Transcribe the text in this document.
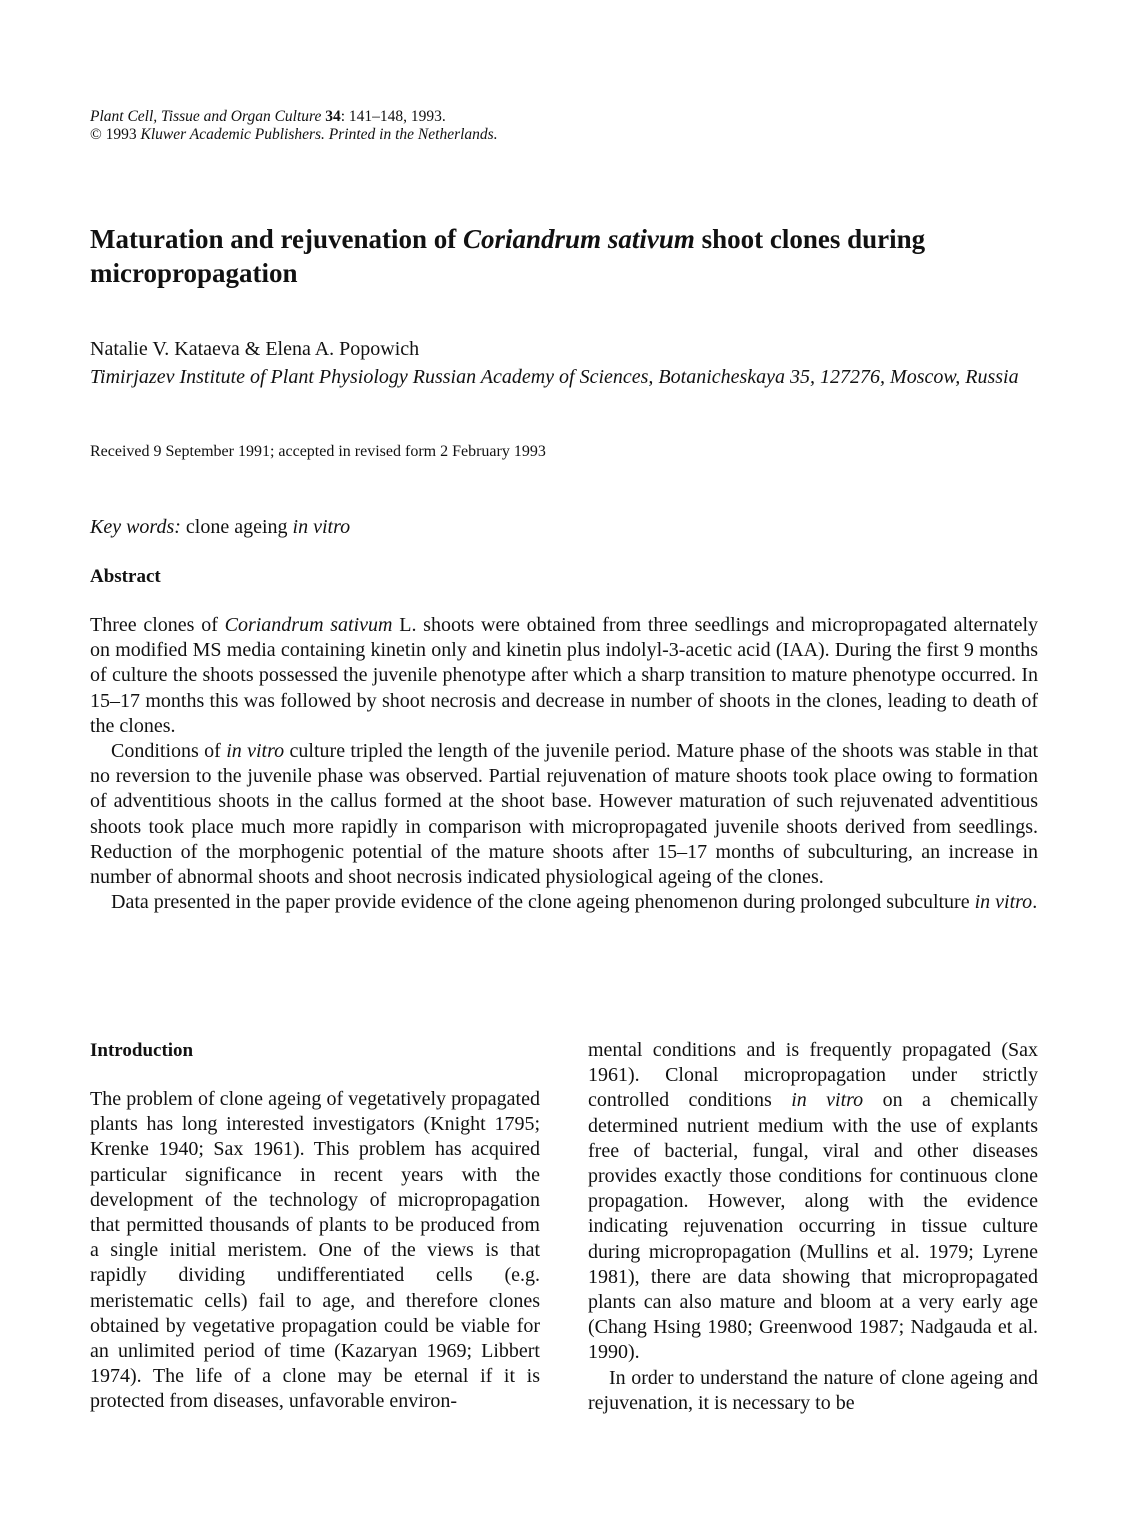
Plant Cell, Tissue and Organ Culture 34: 141–148, 1993.
© 1993 Kluwer Academic Publishers. Printed in the Netherlands.
Maturation and rejuvenation of Coriandrum sativum shoot clones during micropropagation
Natalie V. Kataeva & Elena A. Popowich
Timirjazev Institute of Plant Physiology Russian Academy of Sciences, Botanicheskaya 35, 127276, Moscow, Russia
Received 9 September 1991; accepted in revised form 2 February 1993
Key words: clone ageing in vitro
Abstract

Three clones of Coriandrum sativum L. shoots were obtained from three seedlings and micropropagated alternately on modified MS media containing kinetin only and kinetin plus indolyl-3-acetic acid (IAA). During the first 9 months of culture the shoots possessed the juvenile phenotype after which a sharp transition to mature phenotype occurred. In 15–17 months this was followed by shoot necrosis and decrease in number of shoots in the clones, leading to death of the clones.

Conditions of in vitro culture tripled the length of the juvenile period. Mature phase of the shoots was stable in that no reversion to the juvenile phase was observed. Partial rejuvenation of mature shoots took place owing to formation of adventitious shoots in the callus formed at the shoot base. However maturation of such rejuvenated adventitious shoots took place much more rapidly in comparison with micropropagated juvenile shoots derived from seedlings. Reduction of the morphogenic potential of the mature shoots after 15–17 months of subculturing, an increase in number of abnormal shoots and shoot necrosis indicated physiological ageing of the clones.

Data presented in the paper provide evidence of the clone ageing phenomenon during prolonged subculture in vitro.

Introduction

The problem of clone ageing of vegetatively propagated plants has long interested investigators (Knight 1795; Krenke 1940; Sax 1961). This problem has acquired particular significance in recent years with the development of the technology of micropropagation that permitted thousands of plants to be produced from a single initial meristem. One of the views is that rapidly dividing undifferentiated cells (e.g. meristematic cells) fail to age, and therefore clones obtained by vegetative propagation could be viable for an unlimited period of time (Kazaryan 1969; Libbert 1974). The life of a clone may be eternal if it is protected from diseases, unfavorable environ-

mental conditions and is frequently propagated (Sax 1961). Clonal micropropagation under strictly controlled conditions in vitro on a chemically determined nutrient medium with the use of explants free of bacterial, fungal, viral and other diseases provides exactly those conditions for continuous clone propagation. However, along with the evidence indicating rejuvenation occurring in tissue culture during micropropagation (Mullins et al. 1979; Lyrene 1981), there are data showing that micropropagated plants can also mature and bloom at a very early age (Chang Hsing 1980; Greenwood 1987; Nadgauda et al. 1990).

In order to understand the nature of clone ageing and rejuvenation, it is necessary to be
